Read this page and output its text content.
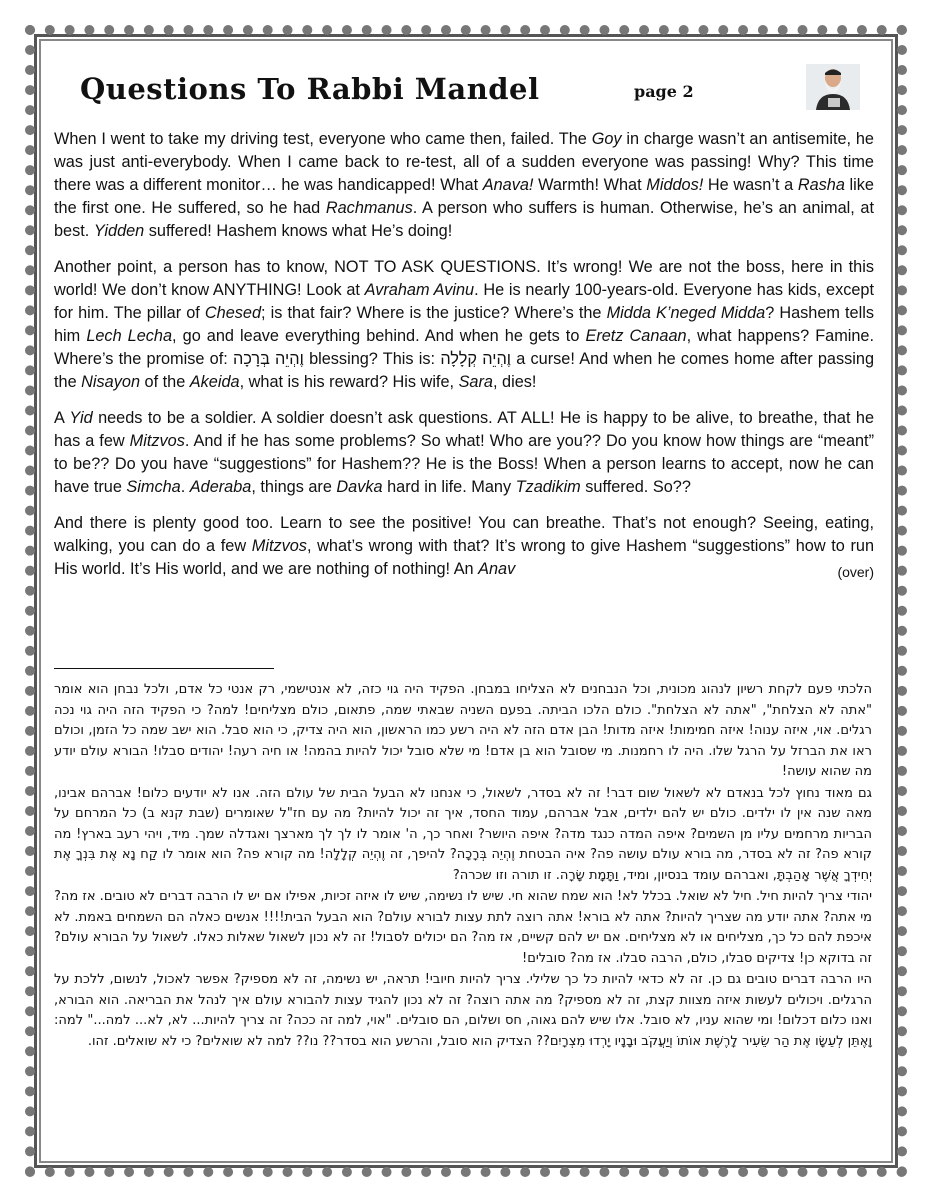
Questions To Rabbi Mandel	page 2

When I went to take my driving test, everyone who came then, failed. The Goy in charge wasn’t an antisemite, he was just anti-everybody. When I came back to re-test, all of a sudden everyone was passing! Why? This time there was a different monitor… he was handicapped! What Anava! Warmth! What Middos! He wasn’t a Rasha like the first one. He suffered, so he had Rachmanus. A person who suffers is human. Otherwise, he’s an animal, at best. Yidden suffered! Hashem knows what He’s doing!

Another point, a person has to know, NOT TO ASK QUESTIONS. It’s wrong! We are not the boss, here in this world! We don’t know ANYTHING! Look at Avraham Avinu. He is nearly 100-years-old. Everyone has kids, except for him. The pillar of Chesed; is that fair? Where is the justice? Where’s the Midda K’neged Midda? Hashem tells him Lech Lecha, go and leave everything behind. And when he gets to Eretz Canaan, what happens? Famine. Where’s the promise of: וֶהְיֵה בְּרָכָה blessing? This is: וֶהְיֵה קְלָלָה a curse! And when he comes home after passing the Nisayon of the Akeida, what is his reward? His wife, Sara, dies!

A Yid needs to be a soldier. A soldier doesn’t ask questions. AT ALL! He is happy to be alive, to breathe, that he has a few Mitzvos. And if he has some problems? So what! Who are you?? Do you know how things are “meant” to be?? Do you have “suggestions” for Hashem?? He is the Boss! When a person learns to accept, now he can have true Simcha. Aderaba, things are Davka hard in life. Many Tzadikim suffered. So??

And there is plenty good too. Learn to see the positive! You can breathe. That’s not enough? Seeing, eating, walking, you can do a few Mitzvos, what’s wrong with that? It’s wrong to give Hashem “suggestions” how to run His world. It’s His world, and we are nothing of nothing! An Anav	(over)

הלכתי פעם לקחת רשיון לנהוג מכונית, וכל הנבחנים לא הצליחו במבחן. הפקיד היה גוי כזה, לא אנטישמי, רק אנטי כל אדם, ולכל נבחן הוא אומר "אתה לא הצלחת", "אתה לא הצלחת". כולם הלכו הביתה. בפעם השניה שבאתי שמה, פתאום, כולם מצליחים! למה? כי הפקיד הזה היה גוי נכה רגלים. אוי, איזה ענוה! איזה חמימות! איזה מדות! הבן אדם הזה לא היה רשע כמו הראשון, הוא היה צדיק, כי הוא סבל. הוא ישב שמה כל הזמן, וכולם ראו את הברזל על הרגל שלו. היה לו רחמנות. מי שסובל הוא בן אדם! מי שלא סובל יכול להיות בהמה! או חיה רעה! יהודים סבלו! הבורא עולם יודע מה שהוא עושה!

גם מאוד נחוץ לכל בנאדם לא לשאול שום דבר! זה לא בסדר, לשאול, כי אנחנו לא הבעל הבית של עולם הזה. אנו לא יודעים כלום! אברהם אבינו, מאה שנה אין לו ילדים. כולם יש להם ילדים, אבל אברהם, עמוד החסד, איך זה יכול להיות? מה עם חז"ל שאומרים (שבת קנא ב) כל המרחם על הבריות מרחמים עליו מן השמים? איפה המדה כנגד מדה? איפה היושר? ואחר כך, ה' אומר לו לך לך מארצך ואגדלה שמך. מיד, ויהי רעב בארץ! מה קורא פה? זה לא בסדר, מה בורא עולם עושה פה? איה הבטחת וֶהְיֵה בְּרָכָה? להיפך, זה וֶהְיֵה קְלָלָה! מה קורא פה? הוא אומר לו קַח נָא אֶת בִּנְךָ אֶת יְחִידְךָ אֲשֶׁר אָהַבְתָּ, ואברהם עומד בנסיון, ומיד, וַתָּמָת שָׂרָה. זו תורה וזו שכרה?

יהודי צריך להיות חיל. חיל לא שואל. בכלל לא! הוא שמח שהוא חי. שיש לו נשימה, שיש לו איזה זכיות, אפילו אם יש לו הרבה דברים לא טובים. אז מה? מי אתה? אתה יודע מה שצריך להיות? אתה לא בורא! אתה רוצה לתת עצות לבורא עולם? הוא הבעל הבית!!!! אנשים כאלה הם השמחים באמת. לא איכפת להם כל כך, מצליחים או לא מצליחים. אם יש להם קשיים, אז מה? הם יכולים לסבול! זה לא נכון לשאול שאלות כאלו. לשאול על הבורא עולם? זה בדוקא כן! צדיקים סבלו, כולם, הרבה סבלו. אז מה? סובלים!

היו הרבה דברים טובים גם כן. זה לא כדאי להיות כל כך שלילי. צריך להיות חיובי! תראה, יש נשימה, זה לא מספיק? אפשר לאכול, לנשום, ללכת על הרגלים. ויכולים לעשות איזה מצוות קצת, זה לא מספיק? מה אתה רוצה? זה לא נכון להגיד עצות להבורא עולם איך לנהל את הבריאה. הוא הבורא, ואנו כלום דכלום! ומי שהוא עניו, לא סובל. אלו שיש להם גאוה, חס ושלום, הם סובלים. "אוי, למה זה ככה? זה צריך להיות... לא, לא... למה..." למה: וָאֶתֵּן לְעֵשָׂו אֶת הַר שֵׂעִיר לָרֶשֶׁת אוֹתוֹ וְיַעֲקֹב וּבָנָיו יָרְדוּ מִצְרָיִם?? הצדיק הוא סובל, והרשע הוא בסדר?? נו?? למה לא שואלים? כי לא שואלים. זהו.
